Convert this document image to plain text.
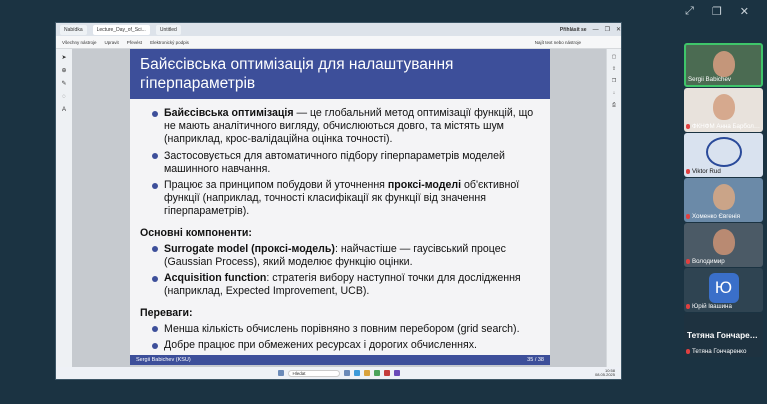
⤢ ❐ ✕
Nabídka	Lecture_Day_of_Sci...	Untitled	Přihlásit se — ❐ ✕
Všechny nástroje Upravit Převést Elektronický podpis	Najít text nebo nástroje
➤
⊕
✎
◌
A
Байєсівська оптимізація для налаштування гіперпараметрів
Байєсівська оптимізація — це глобальний метод оптимізації функцій, що не мають аналітичного вигляду, обчислюються довго, та містять шум (наприклад, крос-валідаційна оцінка точності).
Застосовується для автоматичного підбору гіперпараметрів моделей машинного навчання.
Працює за принципом побудови й уточнення проксі-моделі об'єктивної функції (наприклад, точності класифікації як функції від значення гіперпараметрів).
Основні компоненти:
Surrogate model (проксі-модель): найчастіше — гаусівський процес (Gaussian Process), який моделює функцію оцінки.
Acquisition function: стратегія вибору наступної точки для дослідження (наприклад, Expected Improvement, UCB).
Переваги:
Менша кількість обчислень порівняно з повним перебором (grid search).
Добре працює при обмежених ресурсах і дорогих обчисленнях.
Sergii Babichev (KSU)	35 / 38
▢
⇪
❐
↓
⎙
Hledat
10:58
08.05.2025
Sergii Babichev
ФКНФМ Анна Барбол…
Viktor Rud
Хоменко Євгенія
Володимир
Ю
Юрій Івашина
Тетяна Гончаре…
Тетяна Гончаренко
